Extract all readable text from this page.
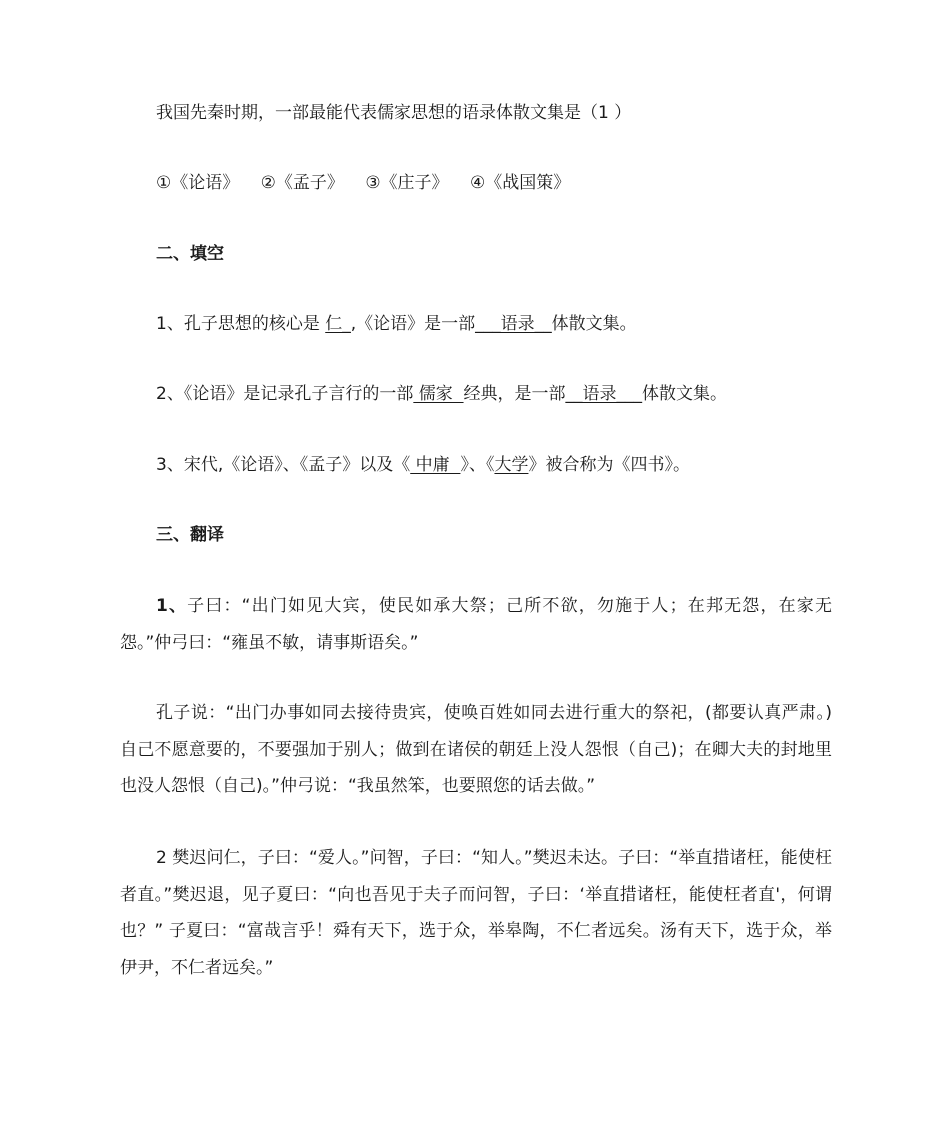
我国先秦时期，一部最能代表儒家思想的语录体散文集是（1 ）
①《论语》 ②《孟子》 ③《庄子》 ④《战国策》
二、填空
1、孔子思想的核心是 仁_,《论语》是一部___语录__体散文集。
2、《论语》是记录孔子言行的一部 儒家  经典，是一部__语录___体散文集。
3、宋代,《论语》、《孟子》以及《 中庸  》、《大学》被合称为《四书》。
三、翻译
1、子曰：“出门如见大宾，使民如承大祭；己所不欲，勿施于人；在邦无怨，在家无怨。”仲弓曰：“雍虽不敏，请事斯语矣。”
孔子说：“出门办事如同去接待贵宾，使唤百姓如同去进行重大的祭祀，(都要认真严肃。)自己不愿意要的，不要强加于别人；做到在诸侯的朝廷上没人怨恨（自己)；在卿大夫的封地里也没人怨恨（自己)。”仲弓说：“我虽然笨，也要照您的话去做。”
2 樊迟问仁，子曰：“爱人。”问智，子曰：“知人。”樊迟未达。子曰：“举直措诸枉，能使枉者直。”樊迟退，见子夏曰：“向也吾见于夫子而问智，子曰：‘举直措诸枉，能使枉者直'，何谓也？” 子夏曰：“富哉言乎！舜有天下，选于众，举皋陶，不仁者远矣。汤有天下，选于众，举伊尹，不仁者远矣。”
